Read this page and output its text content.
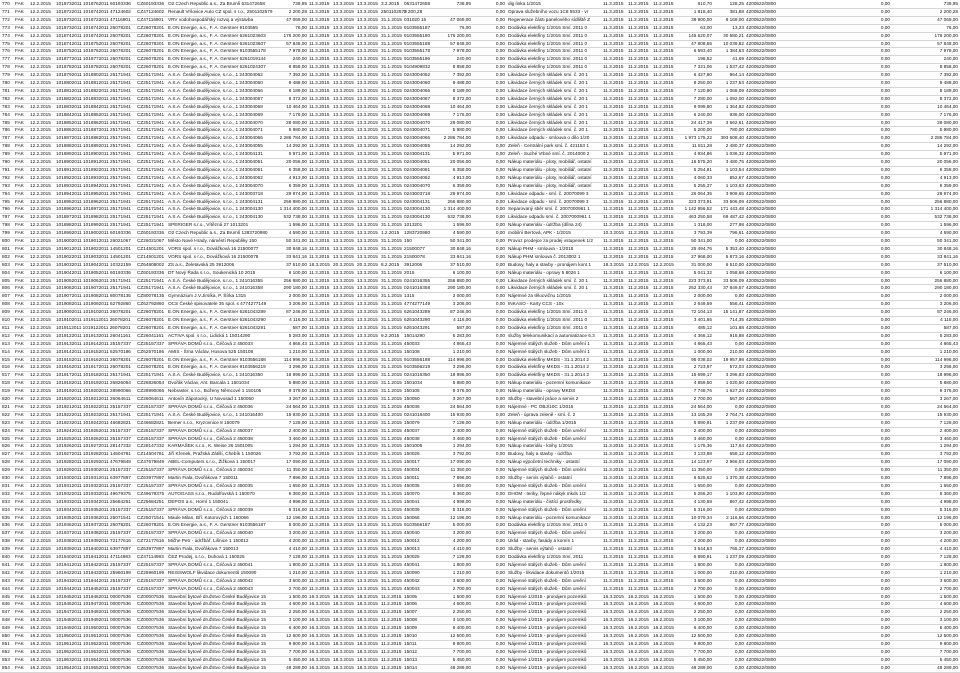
770	FAK	12.2.2015	1018732011 1018762011 60193336	CZ60193336 O2 Czech Republic a.s., Za Brumlí 631472658	738,95 11.3.2015 13.3.2015 13.3.2015 3.2.2015	0631472658	738,95	0,00 dig linka 1/2015	11.3.2015 11.2.2015 11.2.2015	610,70	128,25 4200522/0800	0,00	738,95
771	FAK	12.2.2015	1018722011 1018742011 47124602	CZ47124602 Renault Vršovice Auto CZ spol. s r.o., 2501102579	2 200,28 11.3.2015 13.3.2015 13.3.2015 2501102579
2 200,28	0,00 Oprava služebního vozu 1C8 5533 - vr	11.3.2015 11.2.2015 11.2.2015	1 818,40	381,88 4200522/0800	0,00	2 200,28
772	FAK	12.2.2015	1018732011 1018722011 47116901	CZ47116901 VRV vodohospodářský rozvoj a výstavba	47 069,00 11.3.2015 13.3.2015 13.3.2015 31.1.2015 031020 15	47 069,00	0,00 Regenerace části panelového sídliště Z	11.3.2015 11.2.2015 11.2.2015	38 900,00	8 169,00 4200522/0800	0,00	47 069,00
773	FAK	12.2.2015	1018732011 1018742011 26078201	CZ26078201 E.ON Energie, a.s., F. A. Gerstner 9103555	76,00 11.3.2015 13.3.2015 13.3.2015 31.1.2015 9103555187	76,00	0,00 Dodávka elektřiny 1/2015 Smí. 2011 0	11.3.2015 11.2.2015 11.2.2015	63,00	13,23 4200522/0800	0,00	76,00
774	FAK	12.2.2015	1018742011 1018742011 26078201	CZ26078201 E.ON Energie, a.s., F. A. Gerstner 6261023603	176 200,00 11.3.2015 13.3.2015 13.3.2015 31.1.2015 9103555180	176 200,00	0,00 Dodávka elektřiny 1/2015 Smí. 2011 0	11.3.2015 11.2.2015 11.2.2015	145 620,07	30 580,21 4200522/0800	0,00	176 200,00
775	FAK	12.2.2015	1018742011 1018752011 26078201	CZ26078201 E.ON Energie, a.s., F. A. Gerstner 6261023607	57 848,00 11.3.2015 13.3.2015 13.3.2015 31.1.2015 9103555188	57 848,00	0,00 Dodávka elektřiny 1/2015 Smí. 2011 0	11.3.2015 11.2.2015 11.2.2015	47 808,65	10 039,82 4200522/0800	0,00	57 848,00
776	FAK	12.2.2015	1018752011 1018762011 26078201	CZ26078201 E.ON Energie, a.s., F. A. Gerstner 9103555178	7 978,00 11.3.2015 13.3.2015 13.3.2015 31.1.2015 9103555178	7 978,00	0,00 Dodávka elektřiny 1/2015 Smí. 2011 0	11.3.2015 11.2.2015 11.2.2015	6 593,40	1 384,63 4200522/0800	0,00	7 978,00
777	FAK	12.2.2015	1018772011 1018772011 26078201	CZ26078201 E.ON Energie, a.s., F. A. Gerstner 6261019144	240,00 11.3.2015 13.3.2015 13.3.2015 31.1.2015 9103555186	240,00	0,00 Dodávka elektřiny 1/2015 Smí. 2011 0	11.3.2015 11.2.2015 11.2.2015	198,52	41,69 4200522/0800	0,00	240,00
778	FAK	12.2.2015	1018782011 1018782011 26078201	CZ26078201 E.ON Energie, a.s., F. A. Gerstner 6261024307	8 858,00 11.3.2015 13.3.2015 13.3.2015 31.1.2015 9104909832	8 858,00	0,00 Dodávka elektřiny 1/2015 Smí. 2011 0	11.3.2015 11.2.2015 11.2.2015	7 321,06	1 537,42 4200522/0800	0,00	8 858,00
779	FAK	12.2.2015	1018792011 1018802011 25171941	CZ25171941 A.S.A. České Budějovice, s.r.o., 1 243004062	7 392,00 11.3.2015 13.3.2015 13.3.2015 31.1.2015 0243004062	7 392,00	0,00 Likvidace černých skládek smí. č. 20 1	11.3.2015 11.2.2015 11.2.2015	6 427,80	964,14 4200522/0800	0,00	7 392,00
780	FAK	12.2.2015	1018802011 1018812011 25171941	CZ25171941 A.S.A. České Budějovice, s.r.o., 1 243004060	9 488,00 11.3.2015 13.3.2015 13.3.2015 31.1.2015 0243004060	9 488,00	0,00 Likvidace černých skládek smí. č. 20 1	11.3.2015 11.2.2015 11.2.2015	8 250,00	1 237,53 4200522/0800	0,00	9 488,00
781	FAK	12.2.2015	1018812011 1018822011 25171941	CZ25171941 A.S.A. České Budějovice, s.r.o., 1 243004066	8 189,00 11.3.2015 13.3.2015 13.3.2015 31.1.2015 0243004066	8 189,00	0,00 Likvidace černých skládek smí. č. 20 1	11.3.2015 11.2.2015 11.2.2015	7 120,80	1 068,09 4200522/0800	0,00	8 189,00
782	FAK	12.2.2015	1018822011 1018832011 25171941	CZ25171941 A.S.A. České Budějovice, s.r.o., 1 243004067	8 372,00 11.3.2015 13.3.2015 13.3.2015 31.1.2015 0243004067	8 372,00	0,00 Likvidace černých skládek smí. č. 20 1	11.3.2015 11.2.2015 11.2.2015	7 280,00	1 092,00 4200522/0800	0,00	8 372,00
783	FAK	12.2.2015	1018832011 1018842011 25171941	CZ25171941 A.S.A. České Budějovice, s.r.o., 1 243004068	10 464,00 11.3.2015 13.3.2015 13.3.2015 31.1.2015 0243004068	10 464,00	0,00 Likvidace černých skládek smí. č. 20 1	11.3.2015 11.2.2015 11.2.2015	9 099,80	1 364,82 4200522/0800	0,00	10 464,00
784	FAK	12.2.2015	1018842011 1018852011 25171941	CZ25171941 A.S.A. České Budějovice, s.r.o., 1 243004069	7 176,00 11.3.2015 13.3.2015 13.3.2015 31.1.2015 0243004069	7 176,00	0,00 Likvidace černých skládek smí. č. 20 1	11.3.2015 11.2.2015 11.2.2015	6 240,00	936,00 4200522/0800	0,00	7 176,00
785	FAK	12.2.2015	1018852011 1018862011 25171941	CZ25171941 A.S.A. České Budějovice, s.r.o., 1 243004070	28 080,00 11.3.2015 13.3.2015 13.3.2015 31.1.2015 0243004070	28 080,00	0,00 Likvidace černých skládek smí. č. 20 1	11.3.2015 11.2.2015 11.2.2015	24 417,39	3 662,61 4200522/0800	0,00	28 080,00
786	FAK	12.2.2015	1018862011 1018872011 25171941	CZ25171941 A.S.A. České Budějovice, s.r.o., 1 243004071	5 980,00 11.3.2015 13.3.2015 13.3.2015 31.1.2015 0243004071	5 980,00	0,00 Likvidace černých skládek smí. č. 20 1	11.3.2015 11.2.2015 11.2.2015	5 200,00	780,00 4200522/0800	0,00	5 980,00
787	FAK	12.2.2015	1018872011 1018882011 25171941	CZ25171941 A.S.A. České Budějovice, s.r.o., 1 243004066	2 286 784,00 11.3.2015 13.3.2015 13.3.2015 31.1.2015 0243004066	2 286 784,00	0,00 Likvidace odpadu - smlouva o dílo 1/20	11.3.2015 11.2.2015 11.2.2015	1 973 175,22	393 608,40 4200522/0800	0,00	2 286 784,00
788	FAK	12.2.2015	1018882011 1018892011 25171941	CZ25171941 A.S.A. České Budějovice, s.r.o., 1 243004055	14 292,00 11.3.2015 13.3.2015 13.3.2015 31.1.2015 0243004055	14 292,00	0,00 Zeleň - Centrální park smí. č. 421153 1	11.3.2015 11.2.2015 11.2.2015	11 811,28	2 480,37 4200522/0800	0,00	14 292,00
789	FAK	12.2.2015	1018892011 1018902011 25171941	CZ25171941 A.S.A. České Budějovice, s.r.o., 1 243004131	5 971,00 11.3.2015 13.3.2015 13.3.2015 31.1.2015 0243004131	5 971,00	0,00 Zeleň - Suché Vrbné smí. č. 2014000 2	11.3.2015 11.2.2015 11.2.2015	4 934,86	1 036,32 4200522/0800	0,00	5 971,00
790	FAK	12.2.2015	1018902011 1018912011 25171941	CZ25171941 A.S.A. České Budějovice, s.r.o., 1 243004051	20 056,00 11.3.2015 13.3.2015 13.3.2015 31.1.2015 0243004051	20 056,00	0,00 Nákup materiálu - ploty, mobiliář, ostatní	11.3.2015 11.2.2015 11.2.2015	16 575,20	3 480,75 4200522/0800	0,00	20 056,00
791	FAK	12.2.2015	1018912011 1018922011 25171941	CZ25171941 A.S.A. České Budějovice, s.r.o., 1 243004061	6 358,00 11.3.2015 13.3.2015 13.3.2015 31.1.2015 0243004061	6 358,00	0,00 Nákup materiálu - ploty, mobiliář, ostatní	11.3.2015 11.2.2015 11.2.2015	5 254,81	1 103,54 4200522/0800	0,00	6 358,00
792	FAK	12.2.2015	1018922011 1018932011 25171941	CZ25171941 A.S.A. České Budějovice, s.r.o., 1 243004062	4 913,00 11.3.2015 13.3.2015 13.3.2015 31.1.2015 0243004062	4 913,00	0,00 Nákup materiálu - ploty, mobiliář, ostatní	11.3.2015 11.2.2015 11.2.2015	4 060,33	852,67 4200522/0800	0,00	4 913,00
793	FAK	12.2.2015	1018932011 1018942011 25171941	CZ25171941 A.S.A. České Budějovice, s.r.o., 1 243004070	6 359,00 11.3.2015 13.3.2015 13.3.2015 31.1.2015 0243004070	6 359,00	0,00 Nákup materiálu - ploty, mobiliář, ostatní	11.3.2015 11.2.2015 11.2.2015	5 255,37	1 103,63 4200522/0800	0,00	6 359,00
794	FAK	12.2.2015	1018942011 1018952011 25171941	CZ25171941 A.S.A. České Budějovice, s.r.o., 1 243003718	29 974,00 11.3.2015 13.3.2015 13.3.2015 31.1.2015 0243003718	29 974,00	0,00 Likvidace odpadu - smí. č. 20070099 3	11.3.2015 11.2.2015 11.2.2015	26 064,35	3 909,65 4200522/0800	0,00	29 974,00
795	FAK	12.2.2015	1018952011 1018962011 25171941	CZ25171941 A.S.A. České Budějovice, s.r.o., 1 243004131	256 880,00 11.3.2015 13.3.2015 13.3.2015 31.1.2015 0243004131	256 880,00	0,00 Likvidace odpadu - smí. č. 20070099 3	11.3.2015 11.2.2015 11.2.2015	223 373,91	33 506,09 4200522/0800	0,00	256 880,00
796	FAK	12.2.2015	1018962011 1018972011 25171941	CZ25171941 A.S.A. České Budějovice, s.r.o., 1 243004130	1 314 400,00 11.3.2015 13.3.2015 13.3.2015 31.1.2015 0243004130	1 314 400,00	0,00 Separovaný sběr smí. č. 2007000961 1	11.3.2015 11.2.2015 11.2.2015	1 142 956,52	171 443,48 4200522/0800	0,00	1 314 400,00
797	FAK	12.2.2015	1018972011 1018982011 25171941	CZ25171941 A.S.A. České Budějovice, s.r.o., 1 243004130	532 738,00 11.3.2015 13.3.2015 13.3.2015 31.1.2015 0243004130	532 738,00	0,00 Likvidace odpadu smí. č. 2007000961 1	11.3.2015 11.2.2015 11.2.2015	463 250,58	69 487,42 4200522/0800	0,00	532 738,00
798	FAK	12.2.2015	1018982011 1018992011 25171941	CZ25171941 SPERIGER s.r.o., Vítězná 27 1013201	1 596,00 11.3.2015 13.3.2015 13.3.2015 31.1.2015 1013201	1 596,00	0,00 Nákup materiálu - údržba (dílna 24)	11.3.2015 11.2.2015 11.2.2015	1 318,00	277,98 4200522/0800	0,00	1 596,00
799	FAK	12.2.2015	1018992011 1019002011 60193336	CZ60193336 O2 Czech Republic a.s., Za Brumlí 1283720980	4 590,00 11.3.2015 13.3.2015 13.3.2015 1.2.2015	1283720980	4 590,00	0,00 mobilní Bertová, APK - 1/2015	10.3.2015 11.2.2015 11.2.2015	3 793,39	796,61 4200522/0800	0,00	4 590,00
800	FAK	12.2.2015	1019002011 1019012011 26021067	CZ26021067 Město Nové Hrady, náměstí Republiky 150	50 341,00 11.3.2015 13.3.2015 13.3.2015 31.1.2015 150	50 341,00	0,00 Provoz prodejce za prodej vstupenek 1/2	11.3.2015 11.2.2015 11.2.2015	50 341,00	0,00 4200522/0800	0,00	50 341,00
801	FAK	12.2.2015	1019012011 1019022011 14501201	CZ14501201 VORS spol. s r.o., Dovážková 16 21500077	30 848,16 11.3.2015 13.3.2015 13.3.2015 31.1.2015 21500077	30 848,16	0,00 Nákup PHM - smlouva - 1/2015	11.3.2015 11.2.2015 11.2.2015	25 494,76	5 353,40 4200522/0800	0,00	30 848,16
802	FAK	12.2.2015	1019022011 1019032011 14501201	CZ14501201 VORS spol. s r.o., Dovážková 16 21500078	33 841,16 11.3.2015 13.3.2015 13.3.2015 31.1.2015 21500078	33 841,16	0,00 Nákup PHM smlouva č. 2013002 1	11.3.2015 11.2.2015 11.2.2015	27 968,00	5 873,16 4200522/0800	0,00	33 841,16
803	FAK	12.2.2015	1019032011 1019042011 10322159	CZ64808002 ZS a.s., Želetavská 25 3912006	37 510,00 18.3.2015 20.3.2015 20.3.2015 8.2.2015	3912006	37 510,00	0,00 Budovy, haly a stavby - pronájem kont 1	18.3.2015 12.2.2015 12.2.2015	31 000,00	6 510,00 4200522/0800	0,00	37 510,00
804	FAK	12.2.2015	1019042011 1019052011 60193336	CZ60193336 DT Nový Řada s.r.o., Soukenická 10 2015	6 100,00 11.3.2015 13.3.2015 13.3.2015 31.1.2015 2015	6 100,00	0,00 Nákup materiálu - opravy 5 8026 1	11.3.2015 11.2.2015 11.2.2015	5 041,32	1 058,68 4200522/0800	0,00	6 100,00
805	FAK	12.2.2015	1019052011 1019062011 25171941	CZ25171941 A.S.A. České Budějovice, s.r.o., 1 241016355	256 880,00 11.3.2015 13.3.2015 13.3.2015 31.1.2015 0241016355	256 880,00	0,00 Likvidace černých skládek smí. č. 20 1	11.3.2015 11.2.2015 11.2.2015	223 373,91	33 506,09 4200522/0800	0,00	256 880,00
806	FAK	12.2.2015	1019062011 1019072011 25171941	CZ25171941 A.S.A. České Budějovice, s.r.o., 1 241016358	290 180,00 11.3.2015 13.3.2015 13.3.2015 31.1.2015 0241016358	290 180,00	0,00 Likvidace černých skládek smí. č. 20 1	11.3.2015 11.2.2015 11.2.2015	252 330,43	37 849,57 4200522/0800	0,00	290 180,00
807	FAK	12.2.2015	1019072011 1019082011 80078135	CZ80078135 Gymnázium J.V.Jirsíka, P. Šírka 1315	2 000,00 11.3.2015 13.3.2015 13.3.2015 31.1.2015 1315	2 000,00	0,00 Nájemné za tělocvičnu 1/2015	11.3.2015 11.2.2015 11.2.2015	2 000,00	0,00 4200522/0800	0,00	2 000,00
808	FAK	12.2.2015	1019082011 1019092011 62792860	CZ62792860 OCS České spisovatele 35 spol. s 4774277149	3 206,00 11.3.2015 13.3.2015 13.3.2015 31.1.2015 4774277149	3 206,00	0,00 INKASO - Karty CCS - 10x	11.3.2015 11.2.2015 11.2.2015	2 649,59	556,41 4200522/0800	0,00	3 206,00
809	FAK	12.2.2015	1019092011 1019102011 26078201	CZ26078201 E.ON Energie, a.s., F. A. Gerstner 6261043289	87 246,00 11.3.2015 13.3.2015 13.3.2015 31.1.2015 6261043289	87 246,00	0,00 Dodávka elektřiny 1/2015 Smí. 2011 0	11.3.2015 11.2.2015 11.2.2015	72 104,13	15 141,87 4200522/0800	0,00	87 246,00
810	FAK	12.2.2015	1019102011 1019112011 26078201	CZ26078201 E.ON Energie, a.s., F. A. Gerstner 6261043290	4 116,00 11.3.2015 13.3.2015 13.3.2015 31.1.2015 6261043290	4 116,00	0,00 Dodávka elektřiny 1/2015 Smí. 2011 0	11.3.2015 11.2.2015 11.2.2015	3 401,65	714,35 4200522/0800	0,00	4 116,00
811	FAK	12.2.2015	1019112011 1019122011 26078201	CZ26078201 E.ON Energie, a.s., F. A. Gerstner 6261043291	587,00 11.3.2015 13.3.2015 13.3.2015 31.1.2015 6261043291	587,00	0,00 Dodávka elektřiny 1/2015 Smí. 2011 0	11.3.2015 11.2.2015 11.2.2015	485,12	101,88 4200522/0800	0,00	587,00
812	FAK	12.2.2015	1019122011 1019132011 26041161	CZ26041161 ACTIVA spol. s r.o., Lidická 1 15014290	5 283,00 11.3.2015 13.3.2015 13.3.2015 9.2.2015	15014290	5 283,00	0,00 služby telekomunikací a automatizace 6.3	11.3.2015 11.2.2015 11.2.2015	4 366,12	916,88 4200522/0800	0,00	5 283,00
813	FAK	12.2.2015	1019132011 1019142011 25157337	CZ25157337 SPRÁVA DOMŮ s.r.o., Čéčová 2 450033	4 865,43 11.3.2015 13.3.2015 13.3.2015 31.1.2015 450033	4 865,43	0,00 Nájemné stálých služeb - Dům umění 1	11.3.2015 11.2.2015 11.2.2015	4 865,43	0,00 4200522/0800	0,00	4 865,43
814	FAK	12.2.2015	1019142011 1019152011 62570186	CZ62570186 AMIS - Šrna Václav, Husova 525 150108	1 210,00 11.3.2015 13.3.2015 13.3.2015 14.3.2015 150108	1 210,00	0,00 Nájemné stálých služeb - Dům umění 1	11.3.2015 11.2.2015 11.2.2015	1 000,00	210,00 4200522/0800	0,00	1 210,00
815	FAK	12.2.2015	1019152011 1019162011 26078201	CZ26078201 E.ON Energie, a.s., F. A. Gerstner 9103556188	114 996,00 11.3.2015 13.3.2015 13.3.2015 31.1.2015 9103556188	114 996,00	0,00 Dodávka elektřiny MKDS - 31.1.2014 2	11.3.2015 11.2.2015 11.2.2015	95 038,02	19 957,98 4200522/0800	0,00	114 996,00
816	FAK	12.2.2015	1019162011 1019172011 26078201	CZ26078201 E.ON Energie, a.s., F. A. Gerstner 9103556219	3 296,00 11.3.2015 13.3.2015 13.3.2015 31.1.2015 9103556219	3 296,00	0,00 Dodávka elektřiny MKDS - 31.1.2014 2	11.3.2015 11.2.2015 11.2.2015	2 723,97	572,03 4200522/0800	0,00	3 296,00
817	FAK	12.2.2015	1019172011 1019182011 25171941	CZ25171941 A.S.A. České Budějovice, s.r.o., 1 241016350	18 996,00 11.3.2015 13.3.2015 13.3.2015 31.1.2015 0241016350	18 996,00	0,00 Dodávka elektřiny MKDS - 31.1.2014 2	11.3.2015 11.2.2015 11.2.2015	15 699,17	3 296,83 4200522/0800	0,00	18 996,00
818	FAK	12.2.2015	1019182011 1019192011 26826054	CZ26826054 Dvořák Václav, Ant. Barcala 1 1501034	5 880,00 11.3.2015 13.3.2015 13.3.2015 31.1.2015 1501034	5 880,00	0,00 Nákup materiálu - pozemní komunikace	11.3.2015 11.2.2015 11.2.2015	4 859,50	1 020,50 4200522/0800	0,00	5 880,00
819	FAK	12.2.2015	1019192011 1019202011 28990066	CZ28990066 Nebraster, s.r.o., Boženy Němcové 1 150105	9 376,00 11.3.2015 13.3.2015 13.3.2015 31.1.2015 150105	9 376,00	0,00 Nákup materiálu - opravy MKDS	11.3.2015 11.2.2015 11.2.2015	7 748,76	1 627,24 4200522/0800	0,00	9 376,00
820	FAK	12.2.2015	1019202011 1019212011 26064611	CZ26064611 Antonín Zápotocký, U Novosad 1 150050	3 267,00 11.3.2015 13.3.2015 13.3.2015 31.1.2015 150050	3 267,00	0,00 Služby - stavební práce a servis 2	11.3.2015 11.2.2015 11.2.2015	2 700,00	567,00 4200522/0800	0,00	3 267,00
821	FAK	12.2.2015	1019212011 1019222011 25157337	CZ25157337 SPRÁVA DOMŮ s.r.o., Čéčová 2 450036	24 564,00 11.3.2015 13.3.2015 13.3.2015 31.1.2015 450036	24 564,00	0,00 Nájemné - PC OBJ/10C 1/2015	11.3.2015 11.2.2015 11.2.2015	24 564,00	0,00 4200522/0800	0,00	24 564,00
822	FAK	12.2.2015	1019222011 1019232011 25171941	CZ25171941 A.S.A. České Budějovice, s.r.o., 1 241016400	15 930,00 11.3.2015 13.3.2015 13.3.2015 31.1.2015 0241016400	15 930,00	0,00 Zeleň - úprava zeleně - smí. č. 2	11.3.2015 11.2.2015 11.2.2015	13 165,29	2 764,71 4200522/0800	0,00	15 930,00
823	FAK	12.2.2015	1019232011 1019242011 46682821	CZ46682821 Bemer s.r.o., Kryzovnice 8 150079	7 128,00 11.3.2015 13.3.2015 13.3.2015 31.1.2015 150079	7 128,00	0,00 Nákup materiálu - údržba 1/2015	11.3.2015 11.2.2015 11.2.2015	5 890,91	1 237,09 4200522/0800	0,00	7 128,00
824	FAK	12.2.2015	1019242011 1019252011 25157337	CZ25157337 SPRÁVA DOMŮ s.r.o., Čéčová 2 450037	2 400,00 11.3.2015 13.3.2015 13.3.2015 31.1.2015 450037	2 400,00	0,00 Nájemné stálých služeb - Dům umění	11.3.2015 11.2.2015 11.2.2015	2 400,00	0,00 4200522/0800	0,00	2 400,00
825	FAK	12.2.2015	1019252011 1019262011 25157337	CZ25157337 SPRÁVA DOMŮ s.r.o., Čéčová 2 450038	3 460,00 11.3.2015 13.3.2015 13.3.2015 31.1.2015 450038	3 460,00	0,00 Nájemné stálých služeb - Dům umění	11.3.2015 11.2.2015 11.2.2015	3 460,00	0,00 4200522/0800	0,00	3 460,00
826	FAK	12.2.2015	1019262011 1019272011 28147332	CZ28147332 KARMAŠEK s.r.o., K. Weise 26 1501005	1 294,00 11.3.2015 13.3.2015 13.3.2015 31.1.2015 1501005	1 294,00	0,00 Nákup materiálu - knihy 1/2015	11.3.2015 11.2.2015 11.2.2015	1 176,36	117,64 4200522/0800	0,00	1 294,00
827	FAK	12.2.2015	1019272011 1019282011 14504781	CZ14504781 Jiří Křenek, Pražská Zátiší, Chebík 1 150026	3 792,00 11.3.2015 13.3.2015 13.3.2015 31.1.2015 150026	3 792,00	0,00 Budovy, haly a stavby - údržba	11.3.2015 11.2.2015 11.2.2015	3 133,88	658,12 4200522/0800	0,00	3 792,00
828	FAK	12.2.2015	1019282011 1019292011 47679849	CZ47679849 ABEL-Computers s.r.o., Žižkova 1 150017	17 090,00 11.3.2015 13.3.2015 13.3.2015 31.1.2015 150017	17 090,00	0,00 Nákup výpočetní techniky - ostatní	11.3.2015 11.2.2015 11.2.2015	14 123,97	2 966,03 4200522/0800	0,00	17 090,00
829	FAK	12.2.2015	1019292011 1019302011 25157337	CZ25157337 SPRÁVA DOMŮ s.r.o., Čéčová 2 450034	11 350,00 11.3.2015 13.3.2015 13.3.2015 31.1.2015 450034	11 350,00	0,00 Nájemné stálých služeb - Dům umění	11.3.2015 11.2.2015 11.2.2015	11 350,00	0,00 4200522/0800	0,00	11 350,00
830	FAK	12.2.2015	1019302011 1019312011 63977897	CZ63977897 Martin Fiala, Dvořákova 7 150011	7 896,00 11.3.2015 13.3.2015 13.3.2015 31.1.2015 150011	7 896,00	0,00 Služby - servis výtahů - ostatní	11.3.2015 11.2.2015 11.2.2015	6 525,62	1 370,38 4200522/0800	0,00	7 896,00
831	FAK	12.2.2015	1019312011 1019322011 25157337	CZ25157337 SPRÁVA DOMŮ s.r.o., Čéčová 2 450035	1 650,00 11.3.2015 13.3.2015 13.3.2015 31.1.2015 450035	1 650,00	0,00 Nájemné stálých služeb - Dům umění	11.3.2015 11.2.2015 11.2.2015	1 650,00	0,00 4200522/0800	0,00	1 650,00
832	FAK	12.2.2015	1019322011 1019332011 49679375	CZ49679375 AUTOGASS s.r.o., Rudolfovská 1 150070	6 360,00 11.3.2015 13.3.2015 13.3.2015 31.1.2015 150070	6 360,00	0,00 DHOM - teriky, řepné nákyk mkds 1/2	11.3.2015 11.2.2015 11.2.2015	5 256,20	1 103,80 4200522/0800	0,00	6 360,00
833	FAK	12.2.2015	1019332011 1019342011 25684251	CZ25684251 DEPOS a.s., Horní 1 150041	4 998,00 11.3.2015 13.3.2015 13.3.2015 31.1.2015 150041	4 998,00	0,00 Nákup materiálu - čistící prostředky	11.3.2015 11.2.2015 11.2.2015	4 130,58	867,42 4200522/0800	0,00	4 998,00
834	FAK	12.2.2015	1019342011 1019352011 25157337	CZ25157337 SPRÁVA DOMŮ s.r.o., Čéčová 2 450039	5 316,00 11.3.2015 13.3.2015 13.3.2015 31.1.2015 450039	5 316,00	0,00 Nájemné stálých služeb - Dům umění	11.3.2015 11.2.2015 11.2.2015	5 316,00	0,00 4200522/0800	0,00	5 316,00
835	FAK	12.2.2015	1019352011 1019362011 25071541	CZ25071541 Maule Milan, Bří. Kotorových 1 150066	12 196,00 11.3.2015 13.3.2015 13.3.2015 31.1.2015 150066	12 196,00	0,00 Nákup materiálu - pozemní komunikace	11.3.2015 11.2.2015 11.2.2015	10 079,34	2 116,66 4200522/0800	0,00	12 196,00
836	FAK	12.2.2015	1019362011 1019372011 26078201	CZ26078201 E.ON Energie, a.s., F. A. Gerstner 9103556187	5 000,00 11.3.2015 13.3.2015 13.3.2015 31.1.2015 9103556187	5 000,00	0,00 Dodávka elektřiny 1/2015 Smí. 2011 0	11.3.2015 11.2.2015 11.2.2015	4 132,23	867,77 4200522/0800	0,00	5 000,00
837	FAK	12.2.2015	1019372011 1019382011 25157337	CZ25157337 SPRÁVA DOMŮ s.r.o., Čéčová 2 450040	3 200,00 11.3.2015 13.3.2015 13.3.2015 31.1.2015 450040	3 200,00	0,00 Nájemné stálých služeb - Dům umění	11.3.2015 11.2.2015 11.2.2015	3 200,00	0,00 4200522/0800	0,00	3 200,00
838	FAK	12.2.2015	1019382011 1019392011 72177616	CZ72177616 Mičhe Petr - údržbář, Lišnice 1 150012	4 200,00 11.3.2015 13.3.2015 13.3.2015 31.1.2015 150012	4 200,00	0,00 Úklid - stavby, fasády a komín 1	11.3.2015 11.2.2015 11.2.2015	4 200,00	0,00 4200522/0800	0,00	4 200,00
839	FAK	12.2.2015	1019392011 1019402011 63977897	CZ63977897 Martin Fiala, Dvořákova 7 150013	4 410,00 11.3.2015 13.3.2015 13.3.2015 31.1.2015 150013	4 410,00	0,00 Služby - servis výtahů - ostatní	11.3.2015 11.2.2015 11.2.2015	3 644,63	765,37 4200522/0800	0,00	4 410,00
840	FAK	12.2.2015	1019402011 1019412011 47114983	CZ47114983 ČEZ Prodej, s.r.o., Duhová 1 150025	7 128,00 11.3.2015 13.3.2015 13.3.2015 31.1.2015 150025	7 128,00	0,00 Dodávka elektřiny 1/2015 Smí. 2011	11.3.2015 11.2.2015 11.2.2015	5 890,91	1 237,09 4200522/0800	0,00	7 128,00
841	FAK	12.2.2015	1019412011 1019422011 25157337	CZ25157337 SPRÁVA DOMŮ s.r.o., Čéčová 2 450041	1 800,00 11.3.2015 13.3.2015 13.3.2015 31.1.2015 450041	1 800,00	0,00 Nájemné stálých služeb - Dům umění	11.3.2015 11.2.2015 11.2.2015	1 800,00	0,00 4200522/0800	0,00	1 800,00
842	FAK	12.2.2015	1019422011 1019432011 25960199	CZ25960199 REISSWOLF likvidace dokumentů 150090	1 210,00 11.3.2015 13.3.2015 13.3.2015 31.1.2015 150090	1 210,00	0,00 Služby - likvidace dokumentů 1/2015	11.3.2015 11.2.2015 11.2.2015	1 000,00	210,00 4200522/0800	0,00	1 210,00
843	FAK	12.2.2015	1019432011 1019442011 25157337	CZ25157337 SPRÁVA DOMŮ s.r.o., Čéčová 2 450042	3 600,00 11.3.2015 13.3.2015 13.3.2015 31.1.2015 450042	3 600,00	0,00 Nájemné stálých služeb - Dům umění	11.3.2015 11.2.2015 11.2.2015	3 600,00	0,00 4200522/0800	0,00	3 600,00
844	FAK	12.2.2015	1019442011 1019452011 25157337	CZ25157337 SPRÁVA DOMŮ s.r.o., Čéčová 2 450043	2 700,00 11.3.2015 13.3.2015 13.3.2015 31.1.2015 450043	2 700,00	0,00 Nájemné stálých služeb - Dům umění	11.3.2015 11.2.2015 11.2.2015	2 700,00	0,00 4200522/0800	0,00	2 700,00
845	FAK	16.2.2015	1019452011 1019462011 00007536	CZ00007536 Stavební bytové družstvo České Budějovice 15	1 500,00 16.3.2015 18.3.2015 18.3.2015 11.2.2015 15005	1 500,00	0,00 Nájemné 1/2015 - pronájem pozemků	16.3.2015 16.2.2015 16.2.2015	1 500,00	0,00 4200522/0800	0,00	1 500,00
846	FAK	16.2.2015	1019462011 1019472011 00007536	CZ00007536 Stavební bytové družstvo České Budějovice 15	4 600,00 16.3.2015 18.3.2015 18.3.2015 11.2.2015 15006	4 600,00	0,00 Nájemné 1/2015 - pronájem pozemků	16.3.2015 16.2.2015 16.2.2015	4 600,00	0,00 4200522/0800	0,00	4 600,00
847	FAK	16.2.2015	1019472011 1019482011 00007536	CZ00007536 Stavební bytové družstvo České Budějovice 15	2 250,00 16.3.2015 18.3.2015 18.3.2015 11.2.2015 15007	2 250,00	0,00 Nájemné 1/2015 - pronájem pozemků	16.3.2015 16.2.2015 16.2.2015	2 250,00	0,00 4200522/0800	0,00	2 250,00
848	FAK	16.2.2015	1019482011 1019492011 00007536	CZ00007536 Stavební bytové družstvo České Budějovice 15	3 100,00 16.3.2015 18.3.2015 18.3.2015 11.2.2015 15008	3 100,00	0,00 Nájemné 1/2015 - pronájem pozemků	16.3.2015 16.2.2015 16.2.2015	3 100,00	0,00 4200522/0800	0,00	3 100,00
849	FAK	16.2.2015	1019492011 1019502011 00007536	CZ00007536 Stavební bytové družstvo České Budějovice 15	6 400,00 16.3.2015 18.3.2015 18.3.2015 11.2.2015 15009	6 400,00	0,00 Nájemné 1/2015 - pronájem pozemků	16.3.2015 16.2.2015 16.2.2015	6 400,00	0,00 4200522/0800	0,00	6 400,00
850	FAK	16.2.2015	1019502011 1019512011 00007536	CZ00007536 Stavební bytové družstvo České Budějovice 15	12 500,00 16.3.2015 18.3.2015 18.3.2015 11.2.2015 15010	12 500,00	0,00 Nájemné 1/2015 - pronájem pozemků	16.3.2015 16.2.2015 16.2.2015	12 500,00	0,00 4200522/0800	0,00	12 500,00
851	FAK	16.2.2015	1019512011 1019522011 00007536	CZ00007536 Stavební bytové družstvo České Budějovice 15	9 800,00 16.3.2015 18.3.2015 18.3.2015 11.2.2015 15011	9 800,00	0,00 Nájemné 1/2015 - pronájem pozemků	16.3.2015 16.2.2015 16.2.2015	9 800,00	0,00 4200522/0800	0,00	9 800,00
852	FAK	16.2.2015	1019522011 1019532011 00007536	CZ00007536 Stavební bytové družstvo České Budějovice 15	7 700,00 16.3.2015 18.3.2015 18.3.2015 11.2.2015 15012	7 700,00	0,00 Nájemné 1/2015 - pronájem pozemků	16.3.2015 16.2.2015 16.2.2015	7 700,00	0,00 4200522/0800	0,00	7 700,00
853	FAK	16.2.2015	1019532011 1019542011 00007536	CZ00007536 Stavební bytové družstvo České Budějovice 15	5 450,00 16.3.2015 18.3.2015 18.3.2015 11.2.2015 15013	5 450,00	0,00 Nájemné 1/2015 - pronájem pozemků	16.3.2015 16.2.2015 16.2.2015	5 450,00	0,00 4200522/0800	0,00	5 450,00
854	FAK	16.2.2015	1019542011 1019552011 00007536	CZ00007536 Stavební bytové družstvo České Budějovice 15	48 289,00 16.3.2015 18.3.2015 18.3.2015 11.2.2015 15014	48 289,00	0,00 Nájemné 1/2015 - pronájem pozemků	16.3.2015 16.2.2015 16.2.2015	48 289,00	0,00 4200522/0800	0,00	48 289,00
